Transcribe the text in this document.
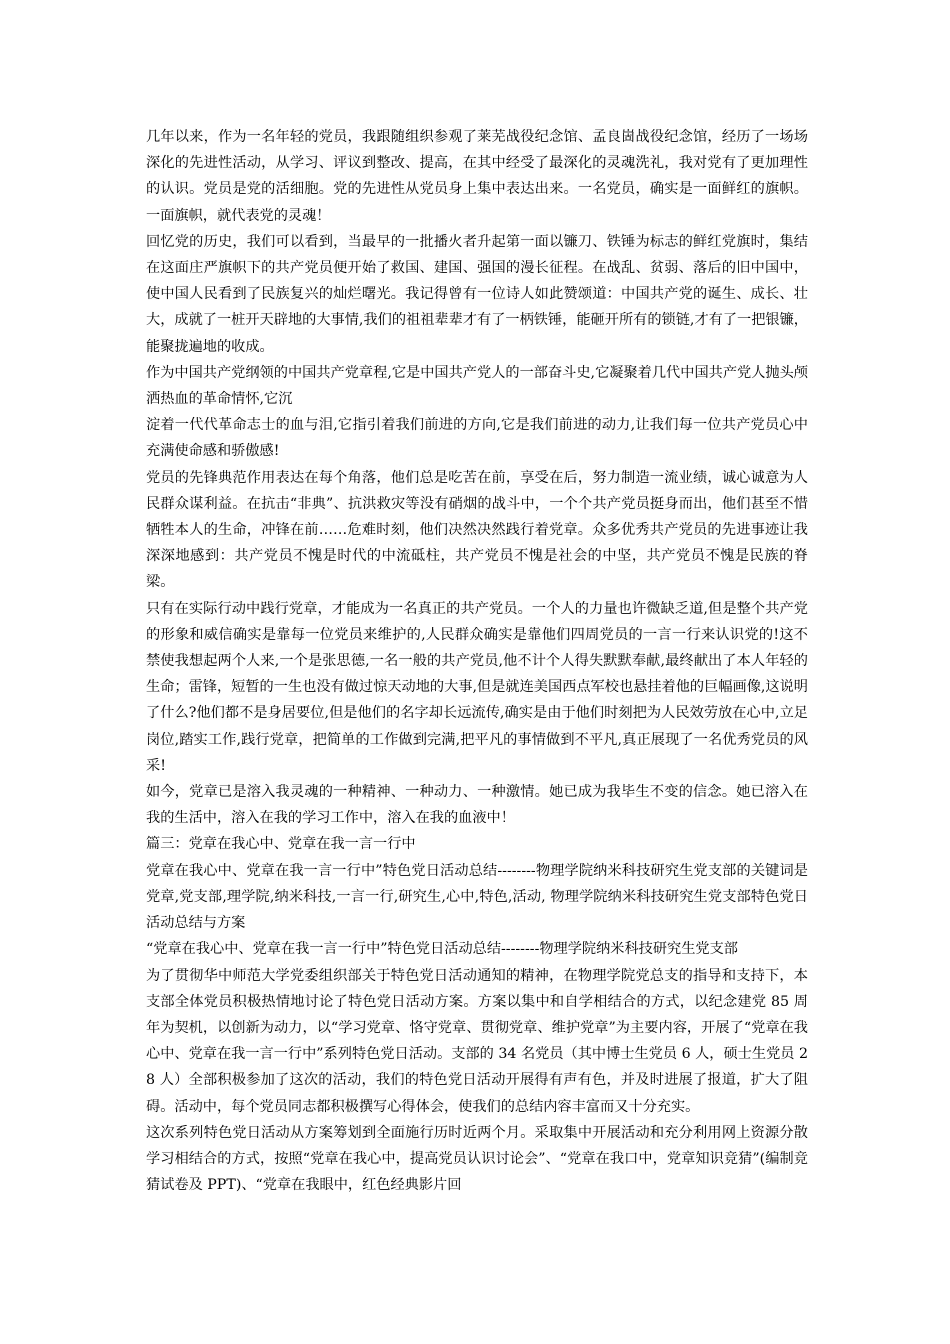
几年以来，作为一名年轻的党员，我跟随组织参观了莱芜战役纪念馆、孟良崮战役纪念馆，经历了一场场深化的先进性活动，从学习、评议到整改、提高，在其中经受了最深化的灵魂洗礼，我对党有了更加理性的认识。党员是党的活细胞。党的先进性从党员身上集中表达出来。一名党员，确实是一面鲜红的旗帜。一面旗帜，就代表党的灵魂！

回忆党的历史，我们可以看到，当最早的一批播火者升起第一面以镰刀、铁锤为标志的鲜红党旗时，集结在这面庄严旗帜下的共产党员便开始了救国、建国、强国的漫长征程。在战乱、贫弱、落后的旧中国中，使中国人民看到了民族复兴的灿烂曙光。我记得曾有一位诗人如此赞颂道：中国共产党的诞生、成长、壮大，成就了一桩开天辟地的大事情,我们的祖祖辈辈才有了一柄铁锤，能砸开所有的锁链,才有了一把银镰，能聚拢遍地的收成。

作为中国共产党纲领的中国共产党章程,它是中国共产党人的一部奋斗史,它凝聚着几代中国共产党人抛头颅洒热血的革命情怀,它沉

淀着一代代革命志士的血与泪,它指引着我们前进的方向,它是我们前进的动力,让我们每一位共产党员心中充满使命感和骄傲感!

党员的先锋典范作用表达在每个角落，他们总是吃苦在前，享受在后，努力制造一流业绩，诚心诚意为人民群众谋利益。在抗击“非典”、抗洪救灾等没有硝烟的战斗中，一个个共产党员挺身而出，他们甚至不惜牺牲本人的生命，冲锋在前……危难时刻，他们决然决然践行着党章。众多优秀共产党员的先进事迹让我深深地感到：共产党员不愧是时代的中流砥柱，共产党员不愧是社会的中坚，共产党员不愧是民族的脊梁。

只有在实际行动中践行党章，才能成为一名真正的共产党员。一个人的力量也许微缺乏道,但是整个共产党的形象和威信确实是靠每一位党员来维护的,人民群众确实是靠他们四周党员的一言一行来认识党的!这不禁使我想起两个人来,一个是张思德,一名一般的共产党员,他不计个人得失默默奉献,最终献出了本人年轻的生命；雷锋，短暂的一生也没有做过惊天动地的大事,但是就连美国西点军校也悬挂着他的巨幅画像,这说明了什么?他们都不是身居要位,但是他们的名字却长远流传,确实是由于他们时刻把为人民效劳放在心中,立足岗位,踏实工作,践行党章，把简单的工作做到完满,把平凡的事情做到不平凡,真正展现了一名优秀党员的风采!

如今，党章已是溶入我灵魂的一种精神、一种动力、一种激情。她已成为我毕生不变的信念。她已溶入在我的生活中，溶入在我的学习工作中，溶入在我的血液中！

篇三：党章在我心中、党章在我一言一行中

党章在我心中、党章在我一言一行中”特色党日活动总结--------物理学院纳米科技研究生党支部的关键词是党章,党支部,理学院,纳米科技,一言一行,研究生,心中,特色,活动, 物理学院纳米科技研究生党支部特色党日活动总结与方案

“党章在我心中、党章在我一言一行中”特色党日活动总结--------物理学院纳米科技研究生党支部

为了贯彻华中师范大学党委组织部关于特色党日活动通知的精神，在物理学院党总支的指导和支持下，本支部全体党员积极热情地讨论了特色党日活动方案。方案以集中和自学相结合的方式，以纪念建党 85 周年为契机，以创新为动力，以“学习党章、恪守党章、贯彻党章、维护党章”为主要内容，开展了“党章在我心中、党章在我一言一行中”系列特色党日活动。支部的 34 名党员（其中博士生党员 6 人，硕士生党员 28 人）全部积极参加了这次的活动，我们的特色党日活动开展得有声有色，并及时进展了报道，扩大了阻碍。活动中，每个党员同志都积极撰写心得体会，使我们的总结内容丰富而又十分充实。

这次系列特色党日活动从方案筹划到全面施行历时近两个月。采取集中开展活动和充分利用网上资源分散学习相结合的方式，按照“党章在我心中，提高党员认识讨论会”、“党章在我口中，党章知识竞猜”(编制竞猜试卷及 PPT)、“党章在我眼中，红色经典影片回
